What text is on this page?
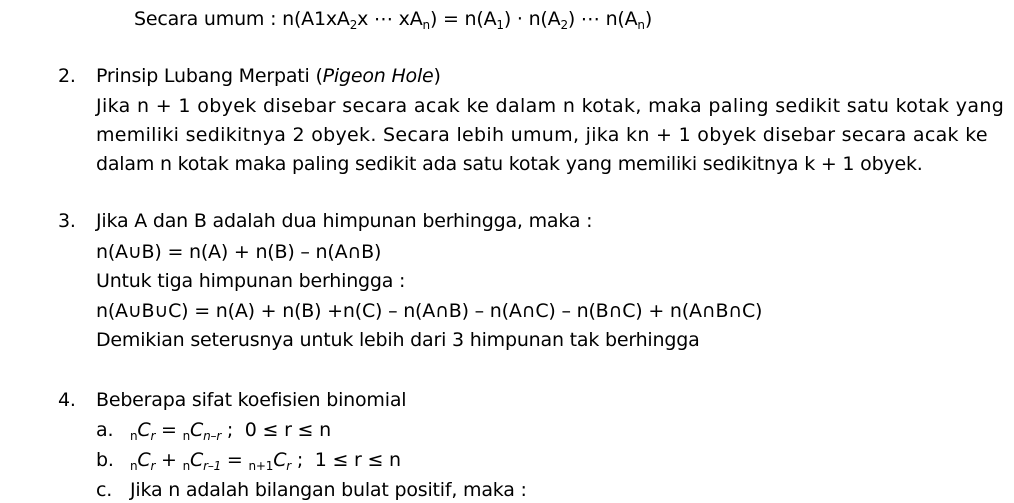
Secara umum : $n(A1xA_2x$ ⋯ $xA_n) = n(A_1) \cdot n(A_2)$ ⋯ $n(A_n)$
2. Prinsip Lubang Merpati (Pigeon Hole)
Jika n + 1 obyek disebar secara acak ke dalam n kotak, maka paling sedikit satu kotak yang
memiliki sedikitnya 2 obyek. Secara lebih umum, jika kn + 1 obyek disebar secara acak ke
dalam n kotak maka paling sedikit ada satu kotak yang memiliki sedikitnya k + 1 obyek.
3. Jika A dan B adalah dua himpunan berhingga, maka :
n(A∪B) = n(A) + n(B) – n(A∩B)
Untuk tiga himpunan berhingga :
n(A∪B∪C) = n(A) + n(B) +n(C) – n(A∩B) – n(A∩C) – n(B∩C) + n(A∩B∩C)
Demikian seterusnya untuk lebih dari 3 himpunan tak berhingga
4. Beberapa sifat koefisien binomial
a. $_nC_r = _nC_{n-r}$ ;  0 ≤ r ≤ n
b. $_nC_r + _nC_{r-1} = _{n+1}C_r$ ;  1 ≤ r ≤ n
c. Jika n adalah bilangan bulat positif, maka :
